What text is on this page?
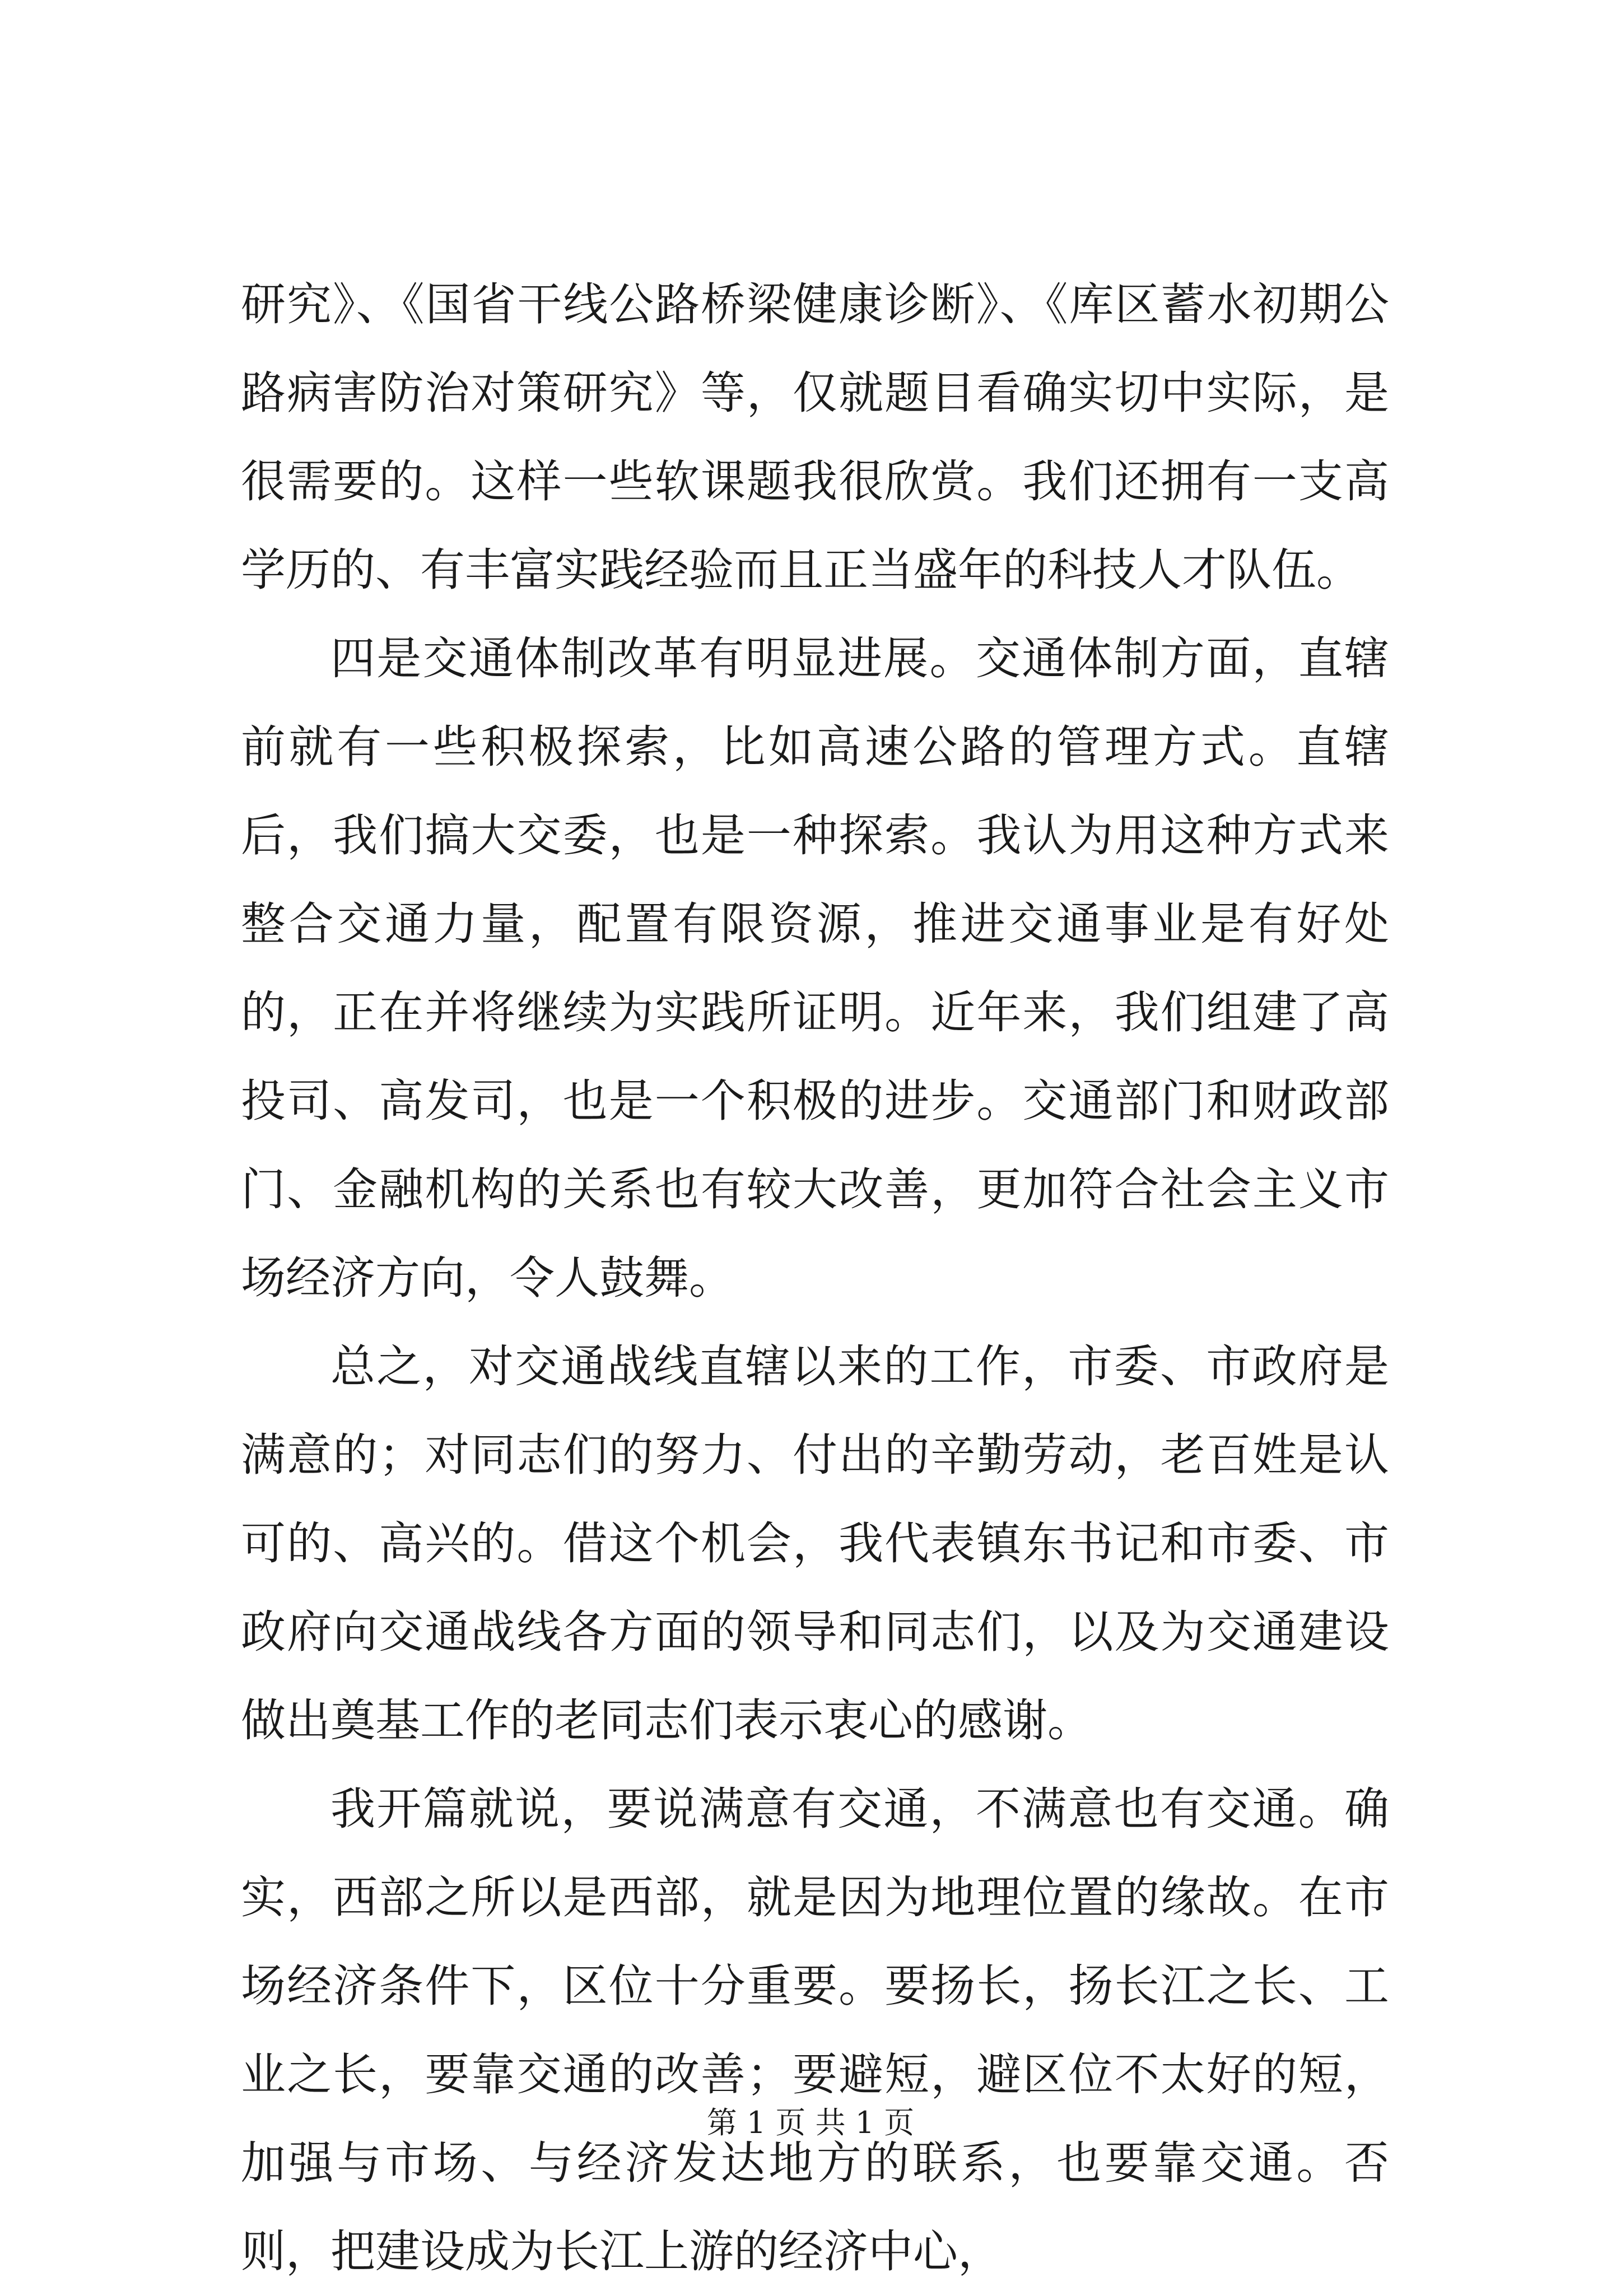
研究》、《国省干线公路桥梁健康诊断》、《库区蓄水初期公路病害防治对策研究》等，仅就题目看确实切中实际，是很需要的。这样一些软课题我很欣赏。我们还拥有一支高学历的、有丰富实践经验而且正当盛年的科技人才队伍。

四是交通体制改革有明显进展。交通体制方面，直辖前就有一些积极探索，比如高速公路的管理方式。直辖后，我们搞大交委，也是一种探索。我认为用这种方式来整合交通力量，配置有限资源，推进交通事业是有好处的，正在并将继续为实践所证明。近年来，我们组建了高投司、高发司，也是一个积极的进步。交通部门和财政部门、金融机构的关系也有较大改善，更加符合社会主义市场经济方向，令人鼓舞。

总之，对交通战线直辖以来的工作，市委、市政府是满意的；对同志们的努力、付出的辛勤劳动，老百姓是认可的、高兴的。借这个机会，我代表镇东书记和市委、市政府向交通战线各方面的领导和同志们，以及为交通建设做出奠基工作的老同志们表示衷心的感谢。

我开篇就说，要说满意有交通，不满意也有交通。确实，西部之所以是西部，就是因为地理位置的缘故。在市场经济条件下，区位十分重要。要扬长，扬长江之长、工业之长，要靠交通的改善；要避短，避区位不太好的短，加强与市场、与经济发达地方的联系，也要靠交通。否则，把建设成为长江上游的经济中心，

第 1 页 共 1 页
